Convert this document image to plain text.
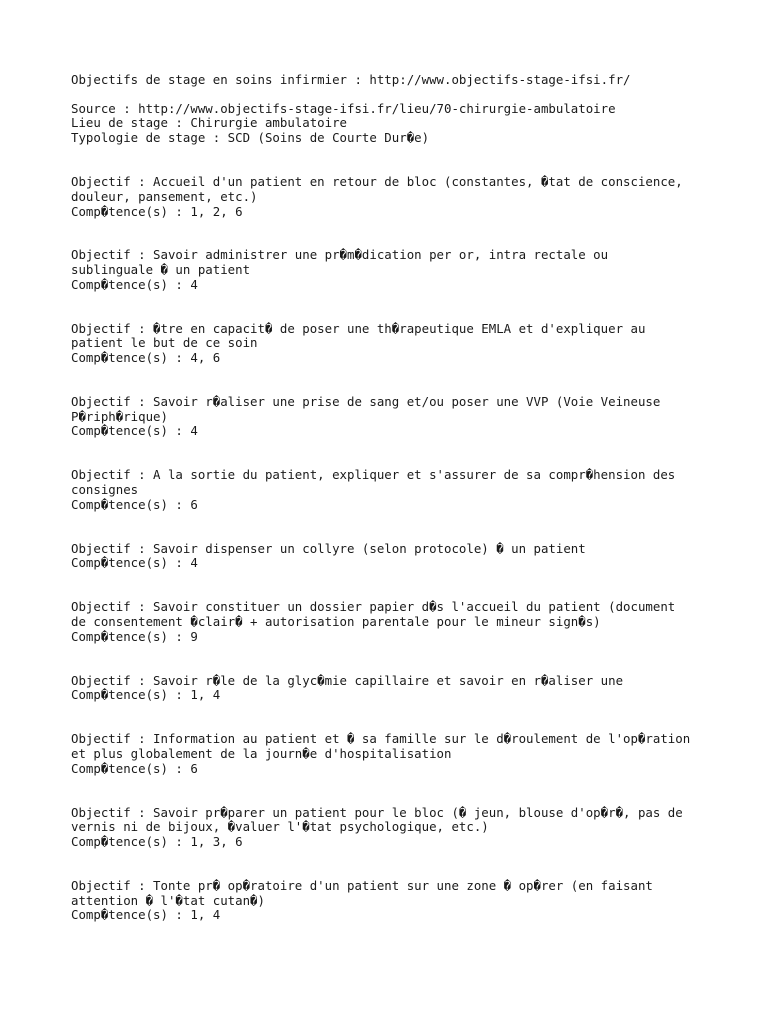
Objectifs de stage en soins infirmier : http://www.objectifs-stage-ifsi.fr/
Source : http://www.objectifs-stage-ifsi.fr/lieu/70-chirurgie-ambulatoire
Lieu de stage : Chirurgie ambulatoire
Typologie de stage : SCD (Soins de Courte Dur�e)
Objectif : Accueil d'un patient en retour de bloc (constantes, �tat de conscience,
douleur, pansement, etc.)
Comp�tence(s) : 1, 2, 6
Objectif : Savoir administrer une pr�m�dication per or, intra rectale ou
sublinguale � un patient
Comp�tence(s) : 4
Objectif : �tre en capacit� de poser une th�rapeutique EMLA et d'expliquer au
patient le but de ce soin
Comp�tence(s) : 4, 6
Objectif : Savoir r�aliser une prise de sang et/ou poser une VVP (Voie Veineuse
P�riph�rique)
Comp�tence(s) : 4
Objectif : A la sortie du patient, expliquer et s'assurer de sa compr�hension des
consignes
Comp�tence(s) : 6
Objectif : Savoir dispenser un collyre (selon protocole) � un patient
Comp�tence(s) : 4
Objectif : Savoir constituer un dossier papier d�s l'accueil du patient (document
de consentement �clair� + autorisation parentale pour le mineur sign�s)
Comp�tence(s) : 9
Objectif : Savoir r�le de la glyc�mie capillaire et savoir en r�aliser une
Comp�tence(s) : 1, 4
Objectif : Information au patient et � sa famille sur le d�roulement de l'op�ration
et plus globalement de la journ�e d'hospitalisation
Comp�tence(s) : 6
Objectif : Savoir pr�parer un patient pour le bloc (� jeun, blouse d'op�r�, pas de
vernis ni de bijoux, �valuer l'�tat psychologique, etc.)
Comp�tence(s) : 1, 3, 6
Objectif : Tonte pr� op�ratoire d'un patient sur une zone � op�rer (en faisant
attention � l'�tat cutan�)
Comp�tence(s) : 1, 4
